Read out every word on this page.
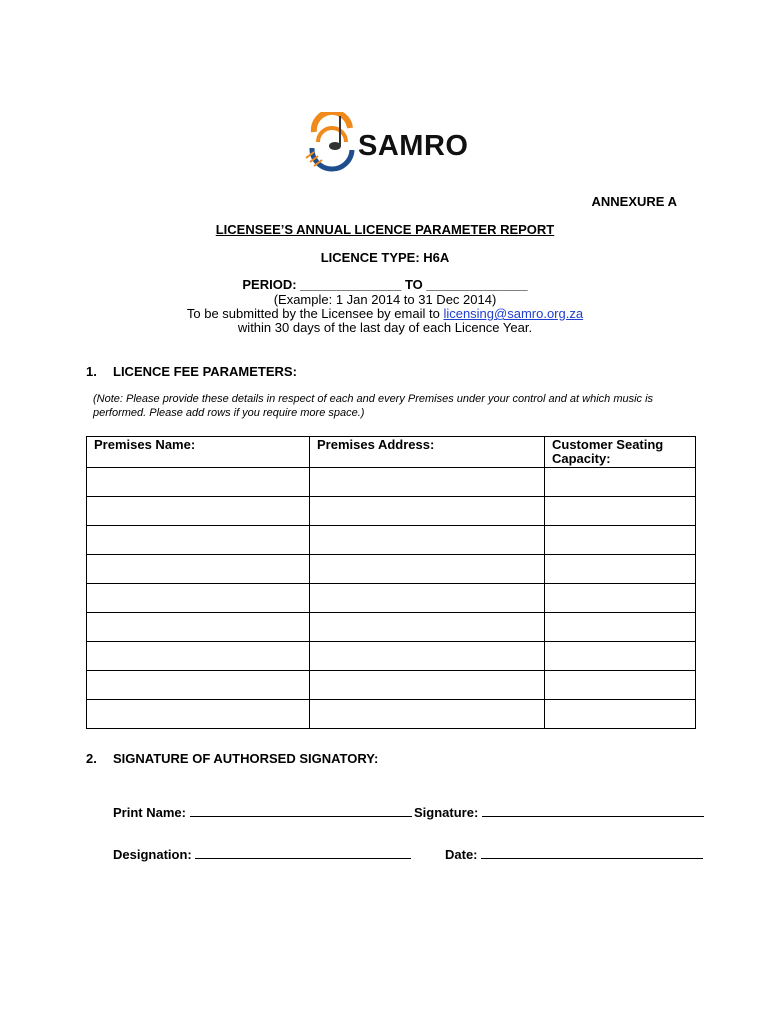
SAMRO
ANNEXURE A
LICENSEE’S ANNUAL LICENCE PARAMETER REPORT
LICENCE TYPE: H6A
PERIOD: ______________ TO ______________
(Example: 1 Jan 2014 to 31 Dec 2014)
To be submitted by the Licensee by email to licensing@samro.org.za
within 30 days of the last day of each Licence Year.
1. LICENCE FEE PARAMETERS:
(Note: Please provide these details in respect of each and every Premises under your control and at which music is performed. Please add rows if you require more space.)
Premises Name:	Premises Address:	Customer Seating Capacity:

2. SIGNATURE OF AUTHORSED SIGNATORY:
Print Name:	Signature:
Designation:	Date:
